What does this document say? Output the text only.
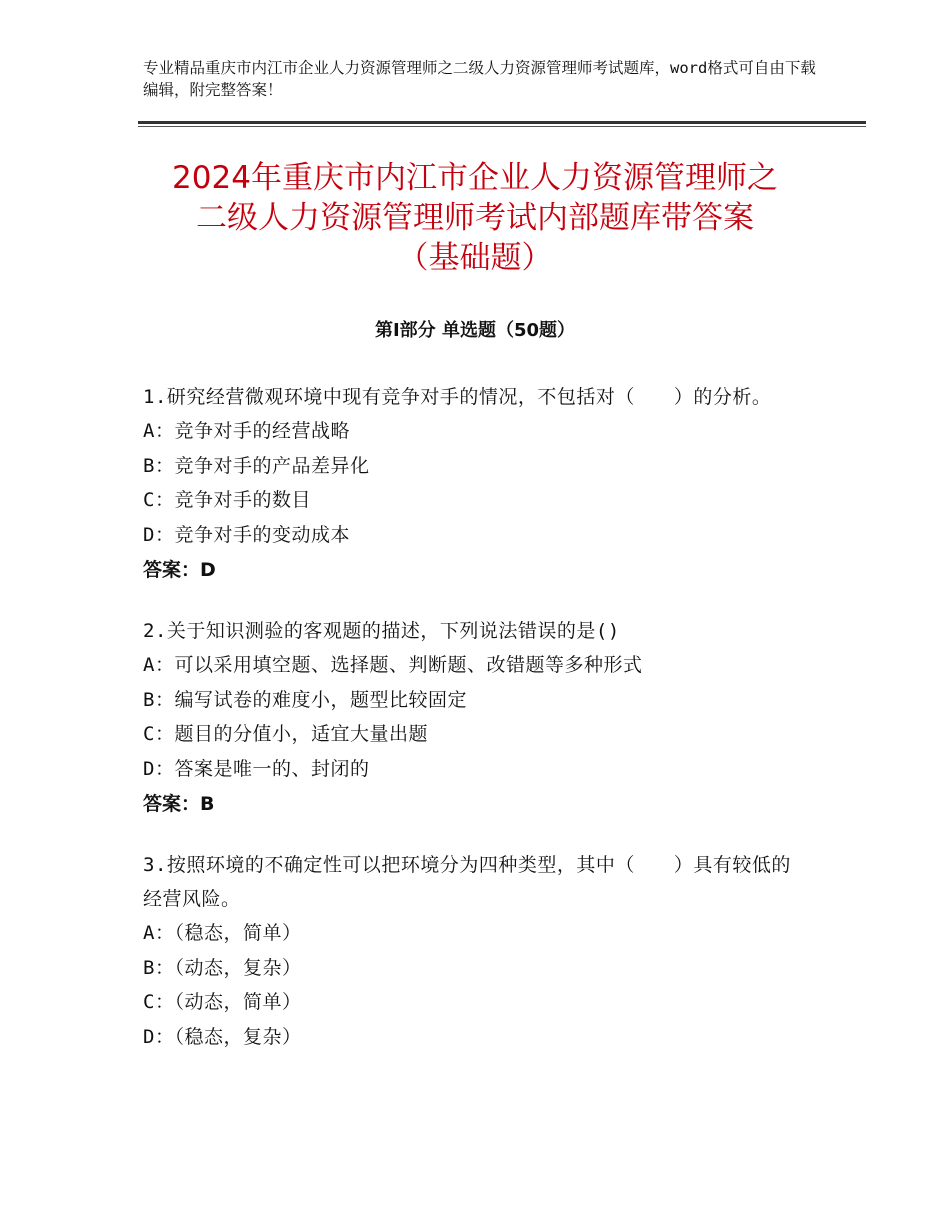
专业精品重庆市内江市企业人力资源管理师之二级人力资源管理师考试题库，word格式可自由下载编辑，附完整答案！
2024年重庆市内江市企业人力资源管理师之
二级人力资源管理师考试内部题库带答案
（基础题）
第Ⅰ部分 单选题（50题）
1.研究经营微观环境中现有竞争对手的情况，不包括对（　　）的分析。
A：竞争对手的经营战略
B：竞争对手的产品差异化
C：竞争对手的数目
D：竞争对手的变动成本
答案：D
2.关于知识测验的客观题的描述，下列说法错误的是()
A：可以采用填空题、选择题、判断题、改错题等多种形式
B：编写试卷的难度小，题型比较固定
C：题目的分值小，适宜大量出题
D：答案是唯一的、封闭的
答案：B
3.按照环境的不确定性可以把环境分为四种类型，其中（　　）具有较低的经营风险。
A：（稳态，简单）
B：（动态，复杂）
C：（动态，简单）
D：（稳态，复杂）
